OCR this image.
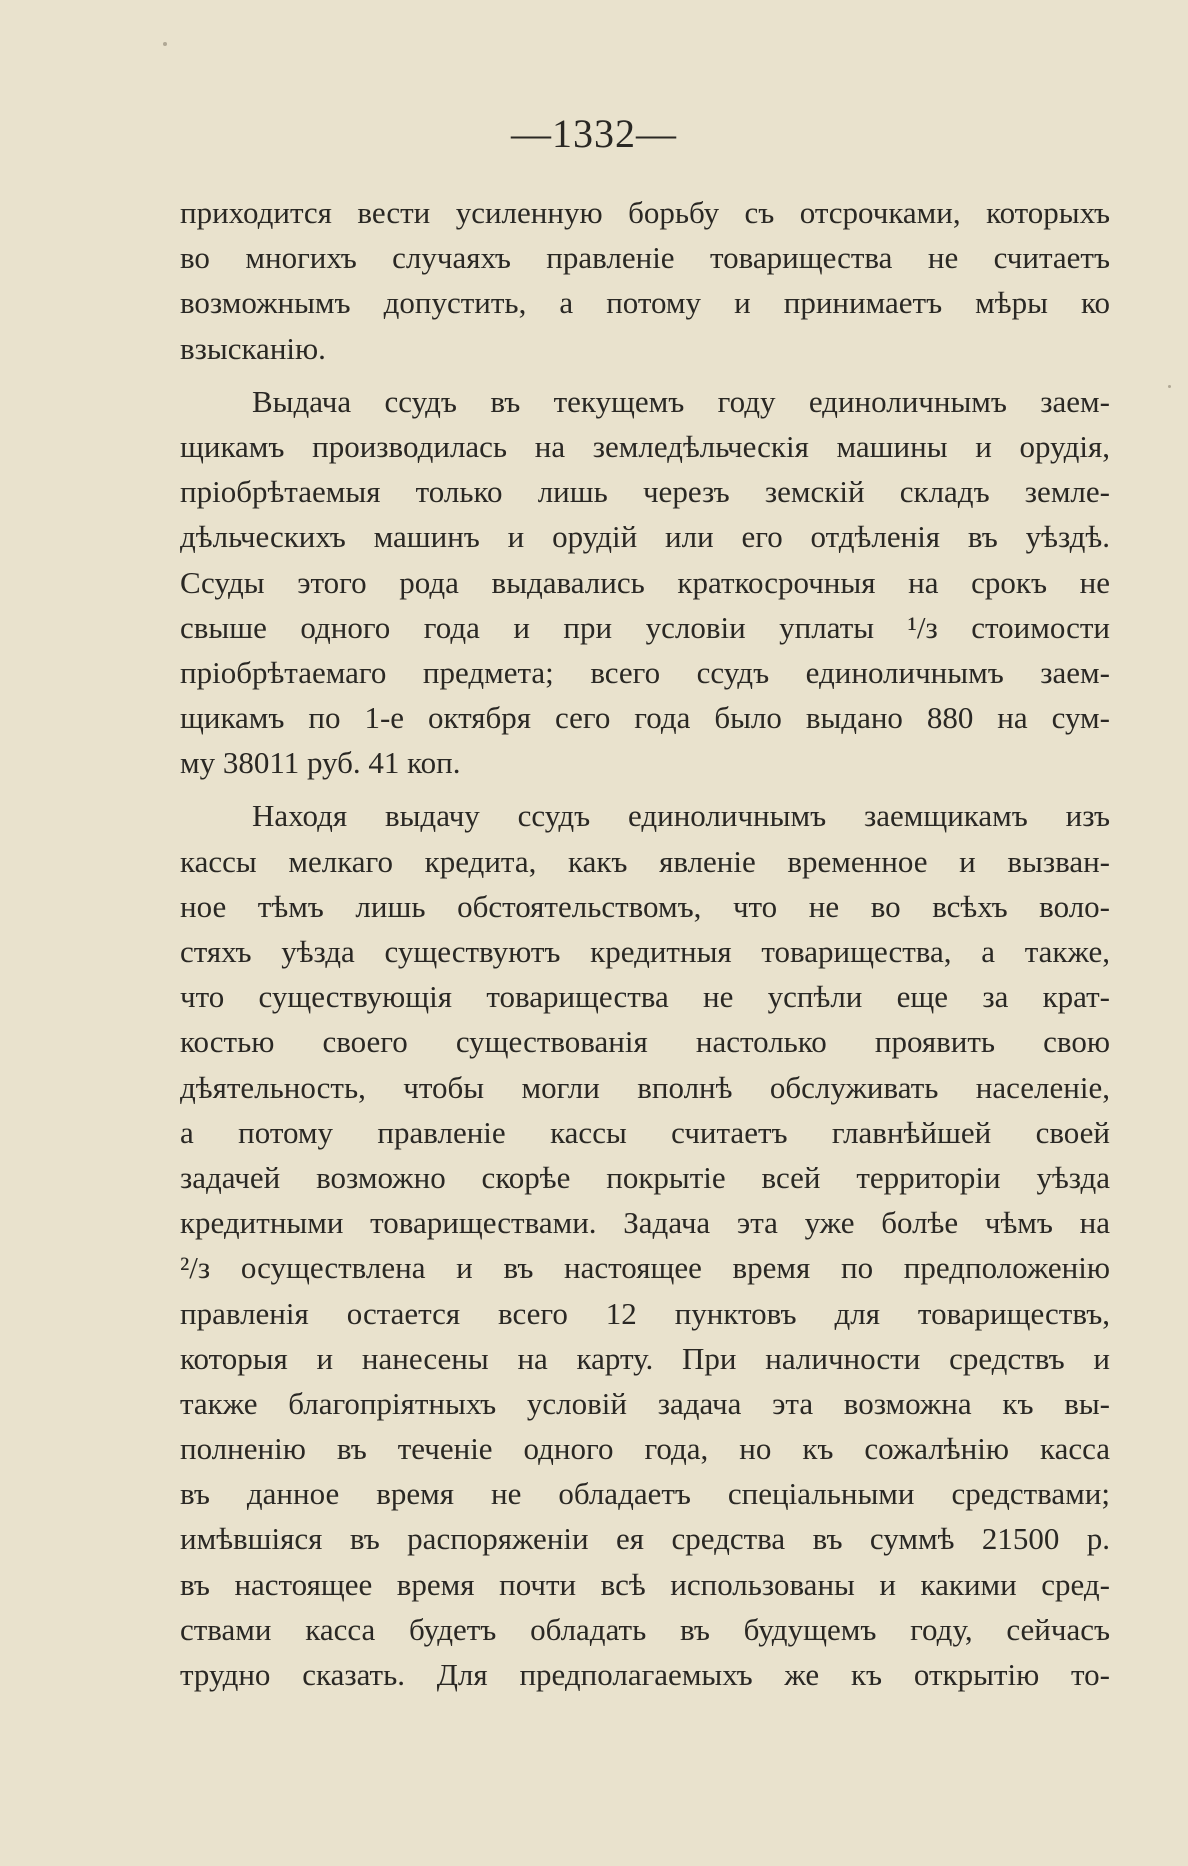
—1332—
приходится вести усиленную борьбу съ отсрочками, которыхъ
во многихъ случаяхъ правленіе товарищества не считаетъ
возможнымъ допустить, а потому и принимаетъ мѣры ко
взысканію.
Выдача ссудъ въ текущемъ году единоличнымъ заем-
щикамъ производилась на земледѣльческія машины и орудія,
пріобрѣтаемыя только лишь черезъ земскій складъ земле-
дѣльческихъ машинъ и орудій или его отдѣленія въ уѣздѣ.
Ссуды этого рода выдавались краткосрочныя на срокъ не
свыше одного года и при условіи уплаты ¹/з стоимости
пріобрѣтаемаго предмета; всего ссудъ единоличнымъ заем-
щикамъ по 1-е октября сего года было выдано 880 на сум-
му 38011 руб. 41 коп.
Находя выдачу ссудъ единоличнымъ заемщикамъ изъ
кассы мелкаго кредита, какъ явленіе временное и вызван-
ное тѣмъ лишь обстоятельствомъ, что не во всѣхъ воло-
стяхъ уѣзда существуютъ кредитныя товарищества, а также,
что существующія товарищества не успѣли еще за крат-
костью своего существованія настолько проявить свою
дѣятельность, чтобы могли вполнѣ обслуживать населеніе,
а потому правленіе кассы считаетъ главнѣйшей своей
задачей возможно скорѣе покрытіе всей территоріи уѣзда
кредитными товариществами. Задача эта уже болѣе чѣмъ на
²/з осуществлена и въ настоящее время по предположенію
правленія остается всего 12 пунктовъ для товариществъ,
которыя и нанесены на карту. При наличности средствъ и
также благопріятныхъ условій задача эта возможна къ вы-
полненію въ теченіе одного года, но къ сожалѣнію касса
въ данное время не обладаетъ спеціальными средствами;
имѣвшіяся въ распоряженіи ея средства въ суммѣ 21500 р.
въ настоящее время почти всѣ использованы и какими сред-
ствами касса будетъ обладать въ будущемъ году, сейчасъ
трудно сказать. Для предполагаемыхъ же къ открытію то-
